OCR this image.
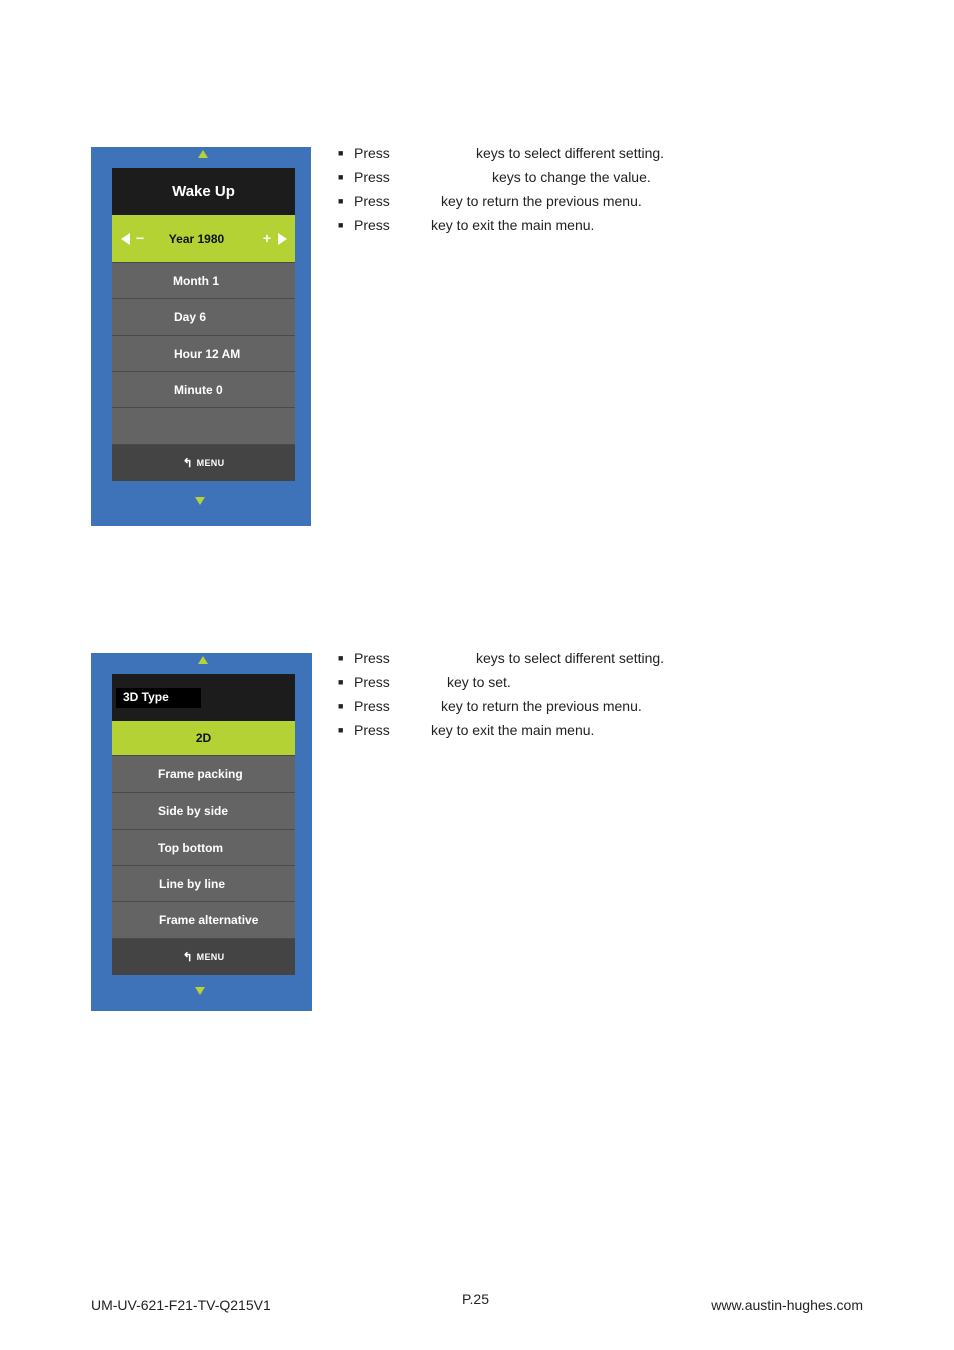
Wake Up
− Year 1980	+
Month 1
Day 6
Hour 12 AM
Minute 0
↰ MENU
■ Press	keys to select different setting.
■ Press	keys to change the value.
■ Press	key to return the previous menu.
■ Press	key to exit the main menu.
3D Type
2D
Frame packing
Side by side
Top bottom
Line by line
Frame alternative
↰ MENU
■ Press	keys to select different setting.
■ Press	key to set.
■ Press	key to return the previous menu.
■ Press	key to exit the main menu.
UM-UV-621-F21-TV-Q215V1	P.25	www.austin-hughes.com
